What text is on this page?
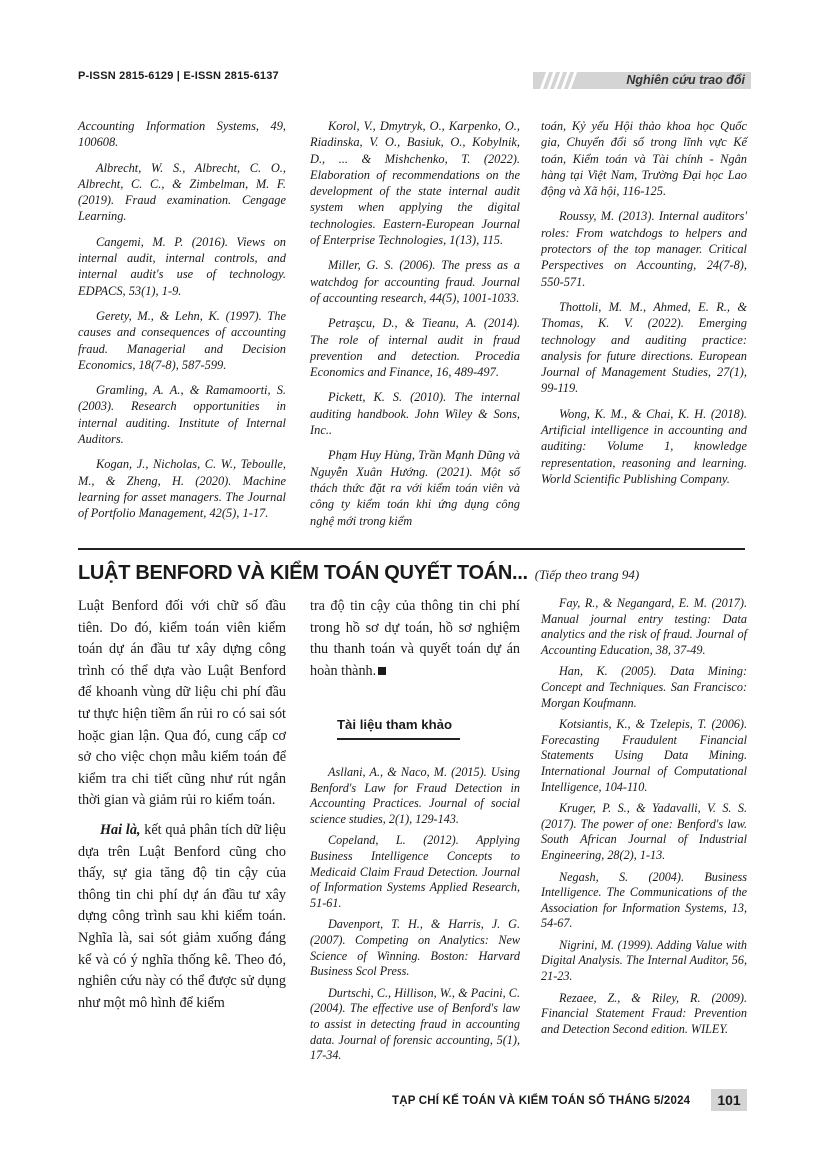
P-ISSN 2815-6129 | E-ISSN 2815-6137	Nghiên cứu trao đổi

Accounting Information Systems, 49, 100608.

Albrecht, W. S., Albrecht, C. O., Albrecht, C. C., & Zimbelman, M. F. (2019). Fraud examination. Cengage Learning.

Cangemi, M. P. (2016). Views on internal audit, internal controls, and internal audit's use of technology. EDPACS, 53(1), 1-9.

Gerety, M., & Lehn, K. (1997). The causes and consequences of accounting fraud. Managerial and Decision Economics, 18(7-8), 587-599.

Gramling, A. A., & Ramamoorti, S. (2003). Research opportunities in internal auditing. Institute of Internal Auditors.

Kogan, J., Nicholas, C. W., Teboulle, M., & Zheng, H. (2020). Machine learning for asset managers. The Journal of Portfolio Management, 42(5), 1-17.

Korol, V., Dmytryk, O., Karpenko, O., Riadinska, V. O., Basiuk, O., Kobylnik, D., ... & Mishchenko, T. (2022). Elaboration of recommendations on the development of the state internal audit system when applying the digital technologies. Eastern-European Journal of Enterprise Technologies, 1(13), 115.

Miller, G. S. (2006). The press as a watchdog for accounting fraud. Journal of accounting research, 44(5), 1001-1033.

Petraşcu, D., & Tieanu, A. (2014). The role of internal audit in fraud prevention and detection. Procedia Economics and Finance, 16, 489-497.

Pickett, K. S. (2010). The internal auditing handbook. John Wiley & Sons, Inc..

Phạm Huy Hùng, Trần Mạnh Dũng và Nguyễn Xuân Hướng. (2021). Một số thách thức đặt ra với kiểm toán viên và công ty kiểm toán khi ứng dụng công nghệ mới trong kiểm

toán, Kỷ yếu Hội thảo khoa học Quốc gia, Chuyển đổi số trong lĩnh vực Kế toán, Kiểm toán và Tài chính - Ngân hàng tại Việt Nam, Trường Đại học Lao động và Xã hội, 116-125.

Roussy, M. (2013). Internal auditors' roles: From watchdogs to helpers and protectors of the top manager. Critical Perspectives on Accounting, 24(7-8), 550-571.

Thottoli, M. M., Ahmed, E. R., & Thomas, K. V. (2022). Emerging technology and auditing practice: analysis for future directions. European Journal of Management Studies, 27(1), 99-119.

Wong, K. M., & Chai, K. H. (2018). Artificial intelligence in accounting and auditing: Volume 1, knowledge representation, reasoning and learning. World Scientific Publishing Company.

LUẬT BENFORD VÀ KIỂM TOÁN QUYẾT TOÁN... (Tiếp theo trang 94)

Luật Benford đối với chữ số đầu tiên. Do đó, kiểm toán viên kiểm toán dự án đầu tư xây dựng công trình có thể dựa vào Luật Benford để khoanh vùng dữ liệu chi phí đầu tư thực hiện tiềm ẩn rủi ro có sai sót hoặc gian lận. Qua đó, cung cấp cơ sở cho việc chọn mẫu kiểm toán để kiểm tra chi tiết cũng như rút ngắn thời gian và giảm rủi ro kiểm toán.

Hai là, kết quả phân tích dữ liệu dựa trên Luật Benford cũng cho thấy, sự gia tăng độ tin cậy của thông tin chi phí dự án đầu tư xây dựng công trình sau khi kiểm toán. Nghĩa là, sai sót giảm xuống đáng kể và có ý nghĩa thống kê. Theo đó, nghiên cứu này có thể được sử dụng như một mô hình để kiểm

tra độ tin cậy của thông tin chi phí trong hồ sơ dự toán, hồ sơ nghiệm thu thanh toán và quyết toán dự án hoàn thành.

Tài liệu tham khảo

Asllani, A., & Naco, M. (2015). Using Benford's Law for Fraud Detection in Accounting Practices. Journal of social science studies, 2(1), 129-143.

Copeland, L. (2012). Applying Business Intelligence Concepts to Medicaid Claim Fraud Detection. Journal of Information Systems Applied Research, 51-61.

Davenport, T. H., & Harris, J. G. (2007). Competing on Analytics: New Science of Winning. Boston: Harvard Business Scol Press.

Durtschi, C., Hillison, W., & Pacini, C. (2004). The effective use of Benford's law to assist in detecting fraud in accounting data. Journal of forensic accounting, 5(1), 17-34.

Fay, R., & Negangard, E. M. (2017). Manual journal entry testing: Data analytics and the risk of fraud. Journal of Accounting Education, 38, 37-49.

Han, K. (2005). Data Mining: Concept and Techniques. San Francisco: Morgan Koufmann.

Kotsiantis, K., & Tzelepis, T. (2006). Forecasting Fraudulent Financial Statements Using Data Mining. International Journal of Computational Intelligence, 104-110.

Kruger, P. S., & Yadavalli, V. S. S. (2017). The power of one: Benford's law. South African Journal of Industrial Engineering, 28(2), 1-13.

Negash, S. (2004). Business Intelligence. The Communications of the Association for Information Systems, 13, 54-67.

Nigrini, M. (1999). Adding Value with Digital Analysis. The Internal Auditor, 56, 21-23.

Rezaee, Z., & Riley, R. (2009). Financial Statement Fraud: Prevention and Detection Second edition. WILEY.

TẠP CHÍ KẾ TOÁN VÀ KIỂM TOÁN SỐ THÁNG 5/2024	101
